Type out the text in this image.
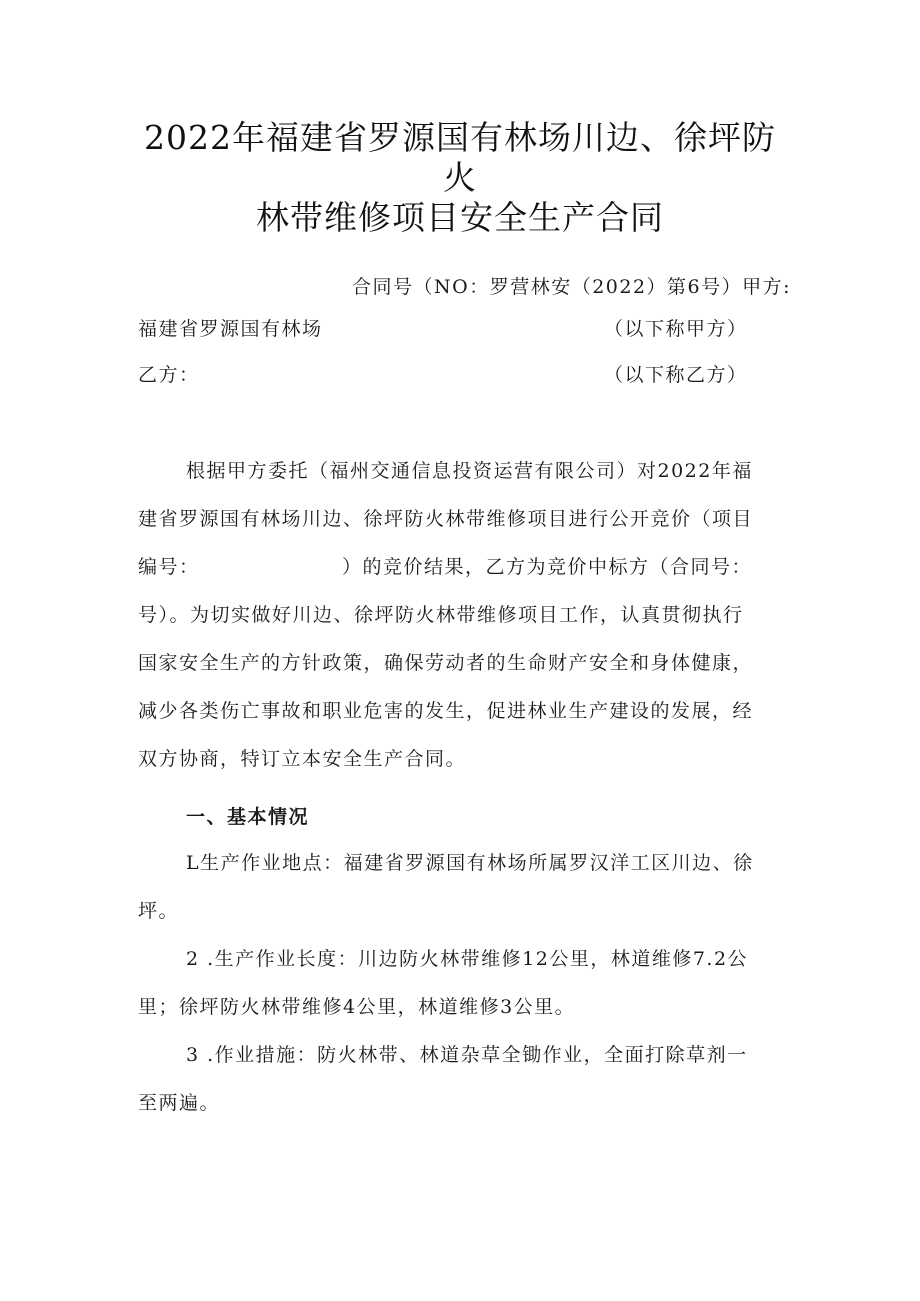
2022年福建省罗源国有林场川边、徐坪防
火
林带维修项目安全生产合同
合同号（NO：罗营林安（2022）第6号）甲方:
福建省罗源国有林场	（以下称甲方）
乙方：	（以下称乙方）
根据甲方委托（福州交通信息投资运营有限公司）对2022年福
建省罗源国有林场川边、徐坪防火林带维修项目进行公开竞价（项目
编号：	）的竞价结果，乙方为竞价中标方（合同号：
号）。为切实做好川边、徐坪防火林带维修项目工作，认真贯彻执行
国家安全生产的方针政策，确保劳动者的生命财产安全和身体健康，
减少各类伤亡事故和职业危害的发生，促进林业生产建设的发展，经
双方协商，特订立本安全生产合同。
一、基本情况
L生产作业地点：福建省罗源国有林场所属罗汉洋工区川边、徐
坪。
2 .生产作业长度：川边防火林带维修12公里，林道维修7.2公
里；徐坪防火林带维修4公里，林道维修3公里。
3 .作业措施：防火林带、林道杂草全锄作业，全面打除草剂一
至两遍。
